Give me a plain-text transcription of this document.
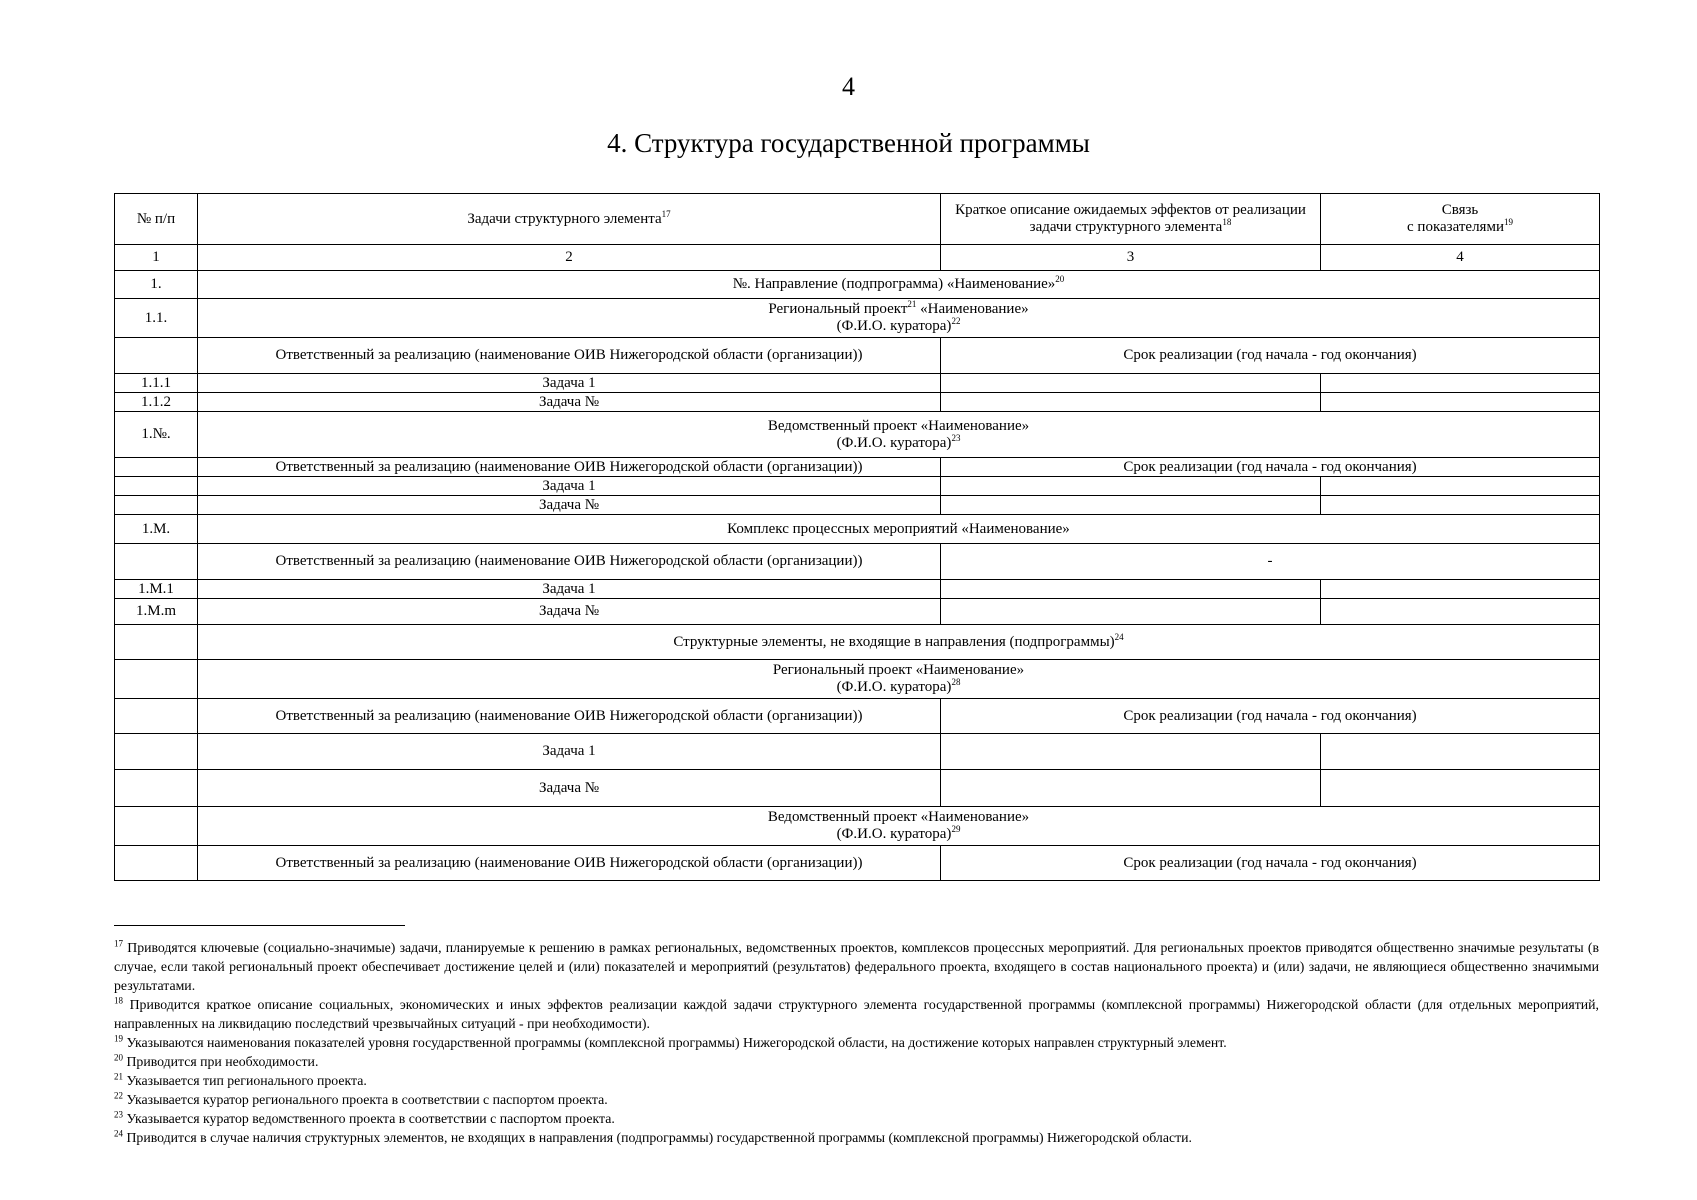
4
4. Структура государственной программы
№ п/п	Задачи структурного элемента$^{17}$	Краткое описание ожидаемых эффектов от реализации задачи структурного элемента$^{18}$	Связь
с показателями$^{19}$
1	2	3	4
1.	№. Направление (подпрограмма) «Наименование»$^{20}$
1.1.	Региональный проект$^{21}$ «Наименование»
(Ф.И.О. куратора)$^{22}$
	Ответственный за реализацию (наименование ОИВ Нижегородской области (организации))	Срок реализации (год начала - год окончания)	
1.1.1	Задача 1		
1.1.2	Задача №		
1.№.	Ведомственный проект «Наименование»
(Ф.И.О. куратора)$^{23}$
	Ответственный за реализацию (наименование ОИВ Нижегородской области (организации))	Срок реализации (год начала - год окончания)	
	Задача 1		
	Задача №		
1.М.	Комплекс процессных мероприятий «Наименование»		
	Ответственный за реализацию (наименование ОИВ Нижегородской области (организации))	-	
1.М.1	Задача 1		
1.М.m	Задача №		
	Структурные элементы, не входящие в направления (подпрограммы)$^{24}$

	Региональный проект «Наименование»
(Ф.И.О. куратора)$^{28}$
	Ответственный за реализацию (наименование ОИВ Нижегородской области (организации))	Срок реализации (год начала - год окончания)	
	Задача 1		
	Задача №		

	Ведомственный проект «Наименование»
(Ф.И.О. куратора)$^{29}$
	Ответственный за реализацию (наименование ОИВ Нижегородской области (организации))	Срок реализации (год начала - год окончания)	

$^{17}$ Приводятся ключевые (социально-значимые) задачи, планируемые к решению в рамках региональных, ведомственных проектов, комплексов процессных мероприятий. Для региональных проектов приводятся общественно значимые результаты (в случае, если такой региональный проект обеспечивает достижение целей и (или) показателей и мероприятий (результатов) федерального проекта, входящего в состав национального проекта) и (или) задачи, не являющиеся общественно значимыми результатами.

$^{18}$ Приводится краткое описание социальных, экономических и иных эффектов реализации каждой задачи структурного элемента государственной программы (комплексной программы) Нижегородской области (для отдельных мероприятий, направленных на ликвидацию последствий чрезвычайных ситуаций - при необходимости).

$^{19}$ Указываются наименования показателей уровня государственной программы (комплексной программы) Нижегородской области, на достижение которых направлен структурный элемент.

$^{20}$ Приводится при необходимости.

$^{21}$ Указывается тип регионального проекта.

$^{22}$ Указывается куратор регионального проекта в соответствии с паспортом проекта.

$^{23}$ Указывается куратор ведомственного проекта в соответствии с паспортом проекта.

$^{24}$ Приводится в случае наличия структурных элементов, не входящих в направления (подпрограммы) государственной программы (комплексной программы) Нижегородской области.
